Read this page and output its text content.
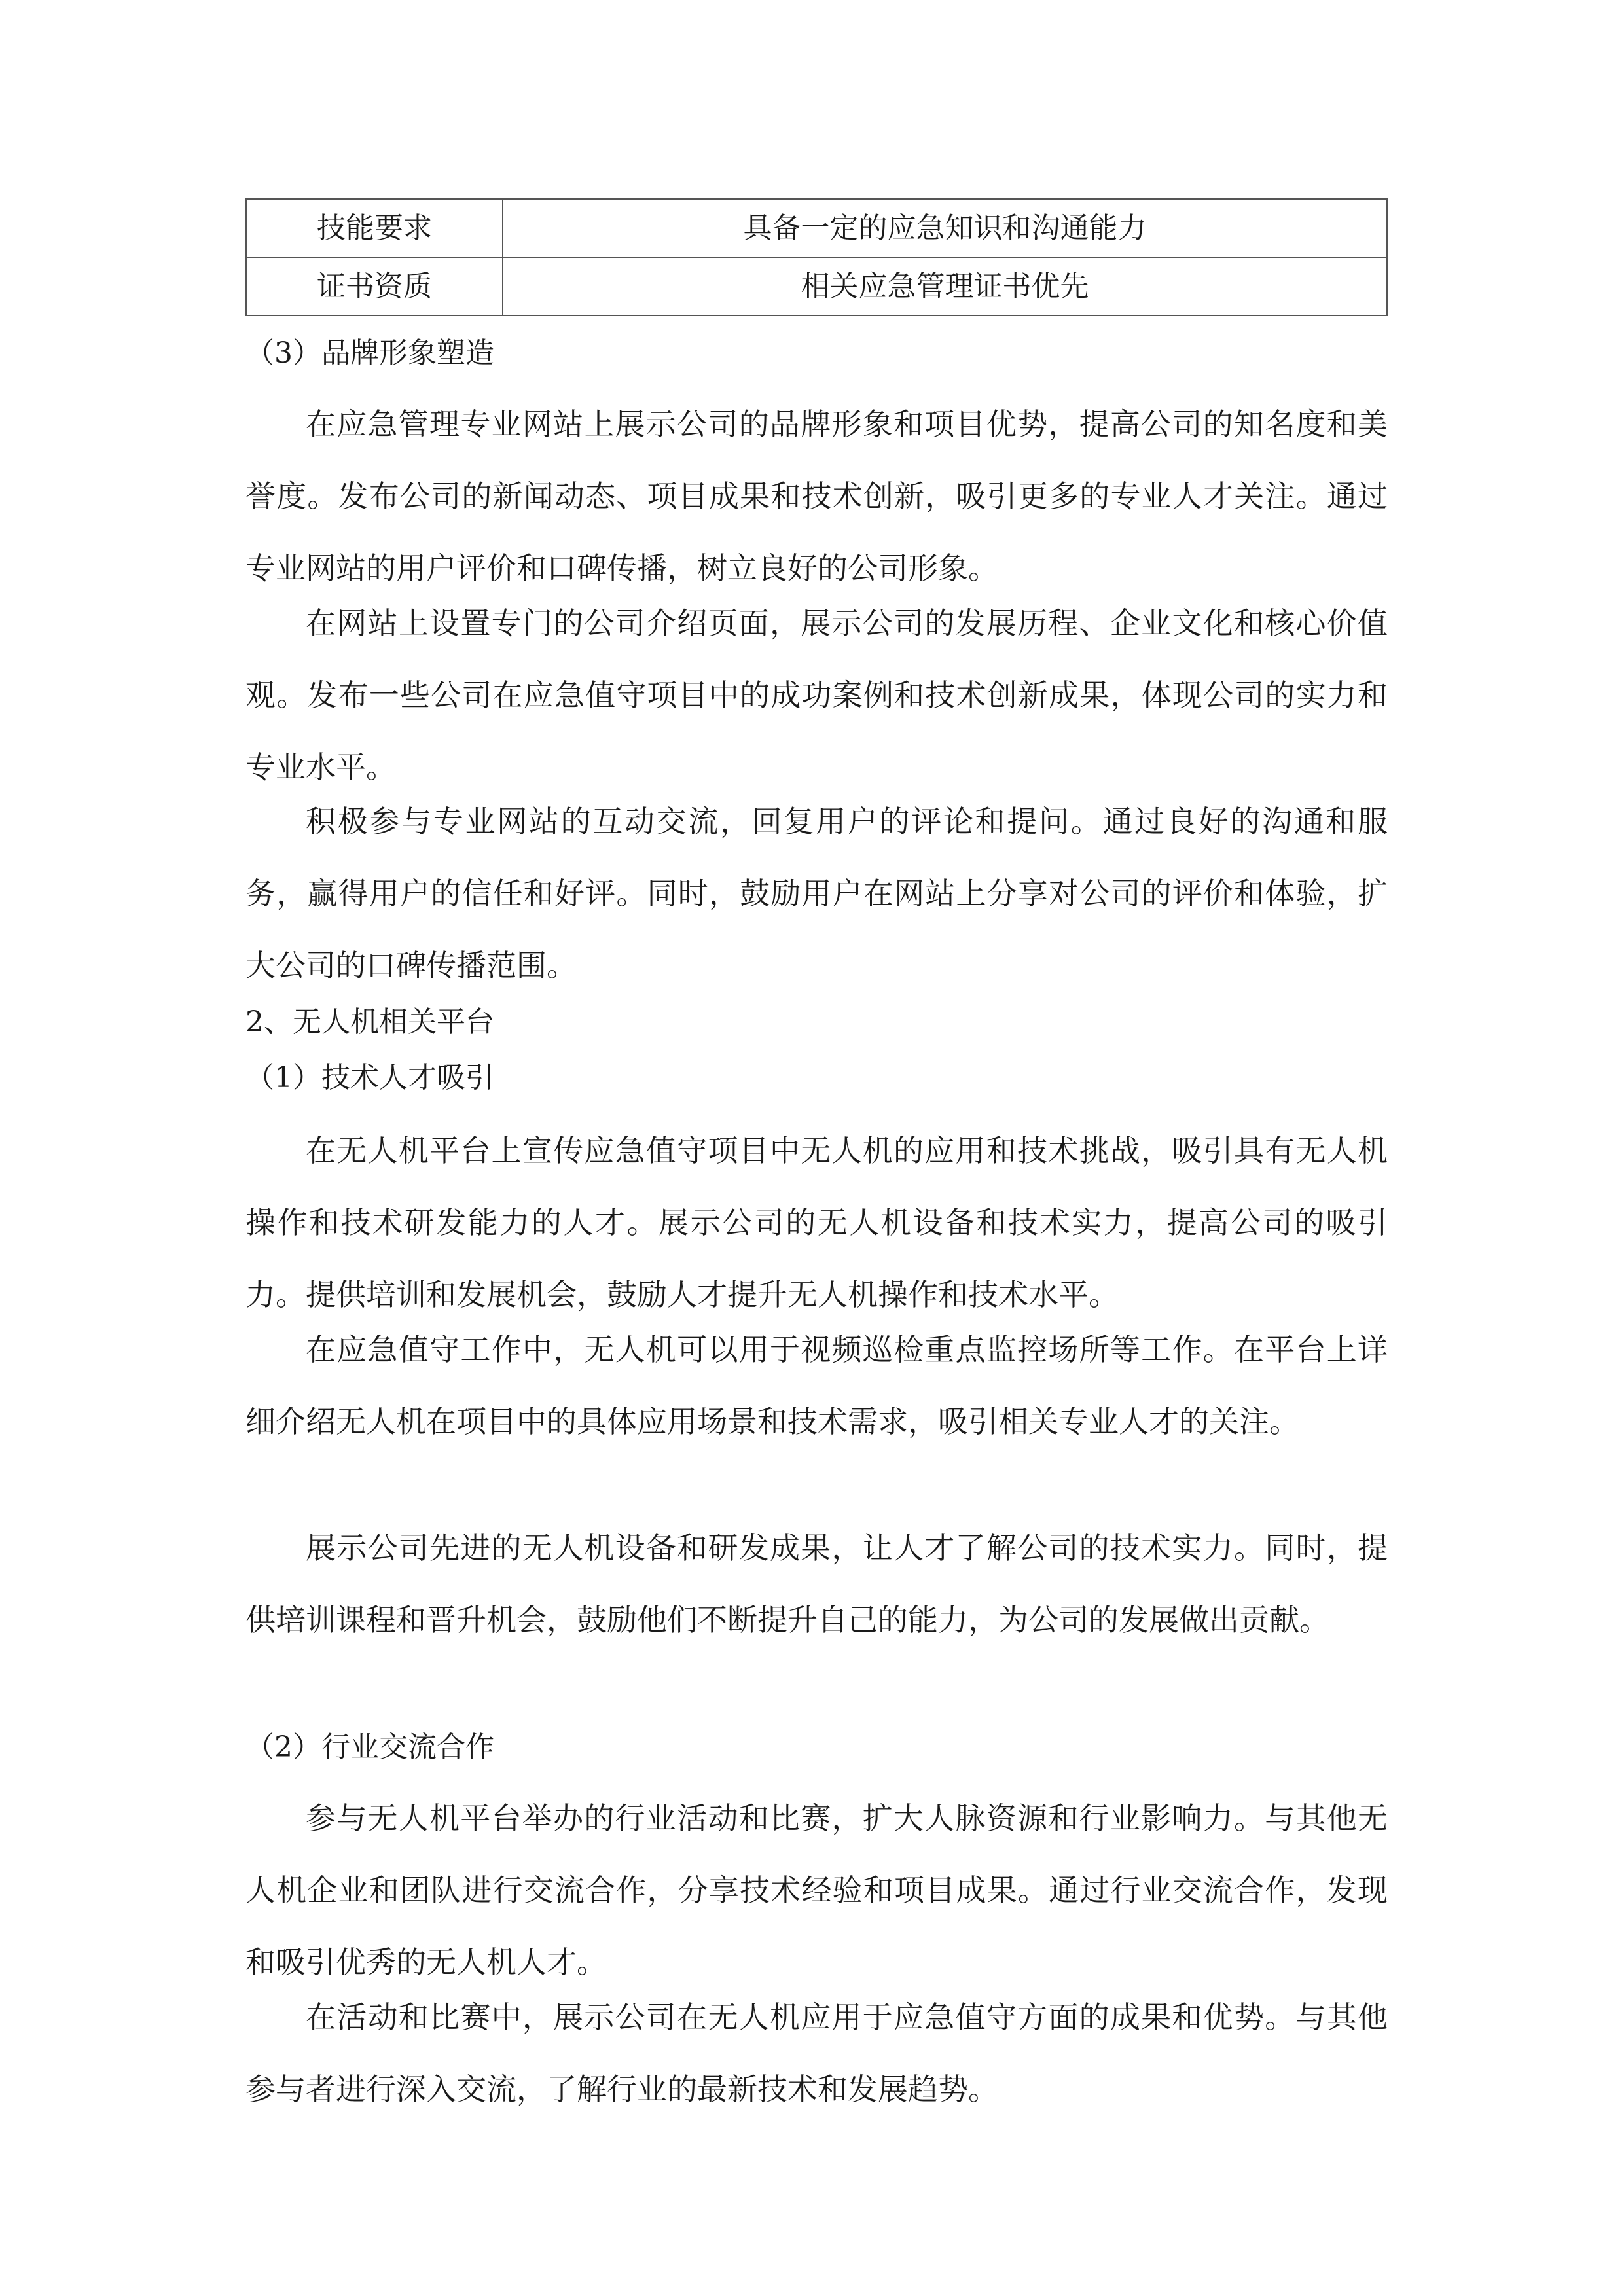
技能要求	具备一定的应急知识和沟通能力
证书资质	相关应急管理证书优先
（3）品牌形象塑造

在应急管理专业网站上展示公司的品牌形象和项目优势，提高公司的知名度和美誉度。发布公司的新闻动态、项目成果和技术创新，吸引更多的专业人才关注。通过专业网站的用户评价和口碑传播，树立良好的公司形象。

在网站上设置专门的公司介绍页面，展示公司的发展历程、企业文化和核心价值观。发布一些公司在应急值守项目中的成功案例和技术创新成果，体现公司的实力和专业水平。

积极参与专业网站的互动交流，回复用户的评论和提问。通过良好的沟通和服务，赢得用户的信任和好评。同时，鼓励用户在网站上分享对公司的评价和体验，扩大公司的口碑传播范围。

2、无人机相关平台
（1）技术人才吸引

在无人机平台上宣传应急值守项目中无人机的应用和技术挑战，吸引具有无人机操作和技术研发能力的人才。展示公司的无人机设备和技术实力，提高公司的吸引力。提供培训和发展机会，鼓励人才提升无人机操作和技术水平。

在应急值守工作中，无人机可以用于视频巡检重点监控场所等工作。在平台上详细介绍无人机在项目中的具体应用场景和技术需求，吸引相关专业人才的关注。

展示公司先进的无人机设备和研发成果，让人才了解公司的技术实力。同时，提供培训课程和晋升机会，鼓励他们不断提升自己的能力，为公司的发展做出贡献。

（2）行业交流合作

参与无人机平台举办的行业活动和比赛，扩大人脉资源和行业影响力。与其他无人机企业和团队进行交流合作，分享技术经验和项目成果。通过行业交流合作，发现和吸引优秀的无人机人才。

在活动和比赛中，展示公司在无人机应用于应急值守方面的成果和优势。与其他参与者进行深入交流，了解行业的最新技术和发展趋势。
